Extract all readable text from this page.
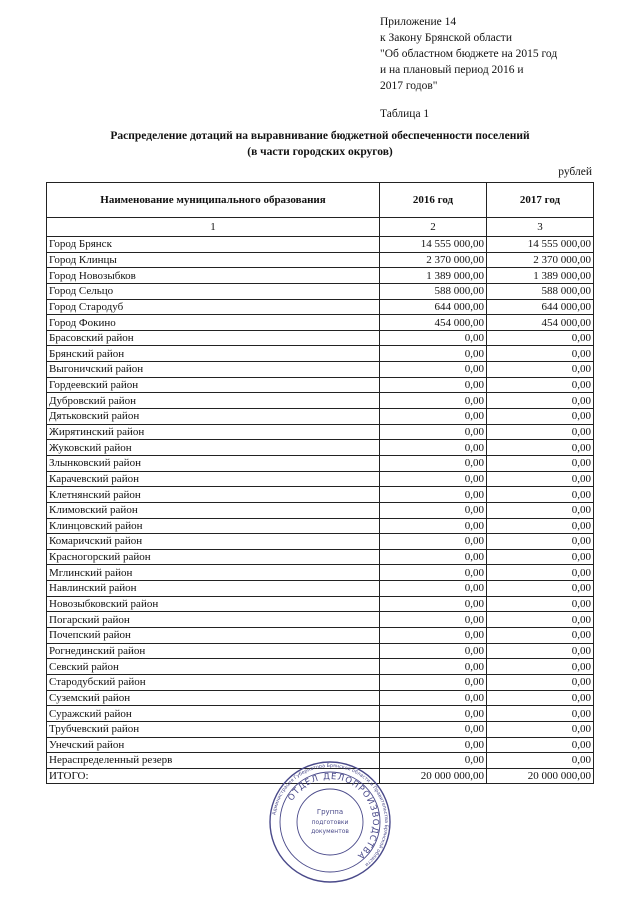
Приложение 14
к Закону Брянской области
"Об областном бюджете на 2015 год
и на плановый период 2016 и
2017 годов"
Таблица 1
Распределение дотаций на выравнивание бюджетной обеспеченности поселений
(в части городских округов)
рублей
Наименование муниципального образования	2016 год	2017 год
1	2	3
Город Брянск	14 555 000,00	14 555 000,00
Город Клинцы	2 370 000,00	2 370 000,00
Город Новозыбков	1 389 000,00	1 389 000,00
Город Сельцо	588 000,00	588 000,00
Город Стародуб	644 000,00	644 000,00
Город Фокино	454 000,00	454 000,00
Брасовский район	0,00	0,00
Брянский район	0,00	0,00
Выгоничский район	0,00	0,00
Гордеевский район	0,00	0,00
Дубровский район	0,00	0,00
Дятьковский район	0,00	0,00
Жирятинский район	0,00	0,00
Жуковский район	0,00	0,00
Злынковский район	0,00	0,00
Карачевский район	0,00	0,00
Клетнянский район	0,00	0,00
Климовский район	0,00	0,00
Клинцовский район	0,00	0,00
Комаричский район	0,00	0,00
Красногорский район	0,00	0,00
Мглинский район	0,00	0,00
Навлинский район	0,00	0,00
Новозыбковский район	0,00	0,00
Погарский район	0,00	0,00
Почепский район	0,00	0,00
Рогнединский район	0,00	0,00
Севский район	0,00	0,00
Стародубский район	0,00	0,00
Суземский район	0,00	0,00
Суражский район	0,00	0,00
Трубчевский район	0,00	0,00
Унечский район	0,00	0,00
Нераспределенный резерв	0,00	0,00
ИТОГО:	20 000 000,00	20 000 000,00
Администрация Губернатора Брянской области и Правительства Брянской области
ОТДЕЛ ДЕЛОПРОИЗВОДСТВА
Группа
подготовки
документов
